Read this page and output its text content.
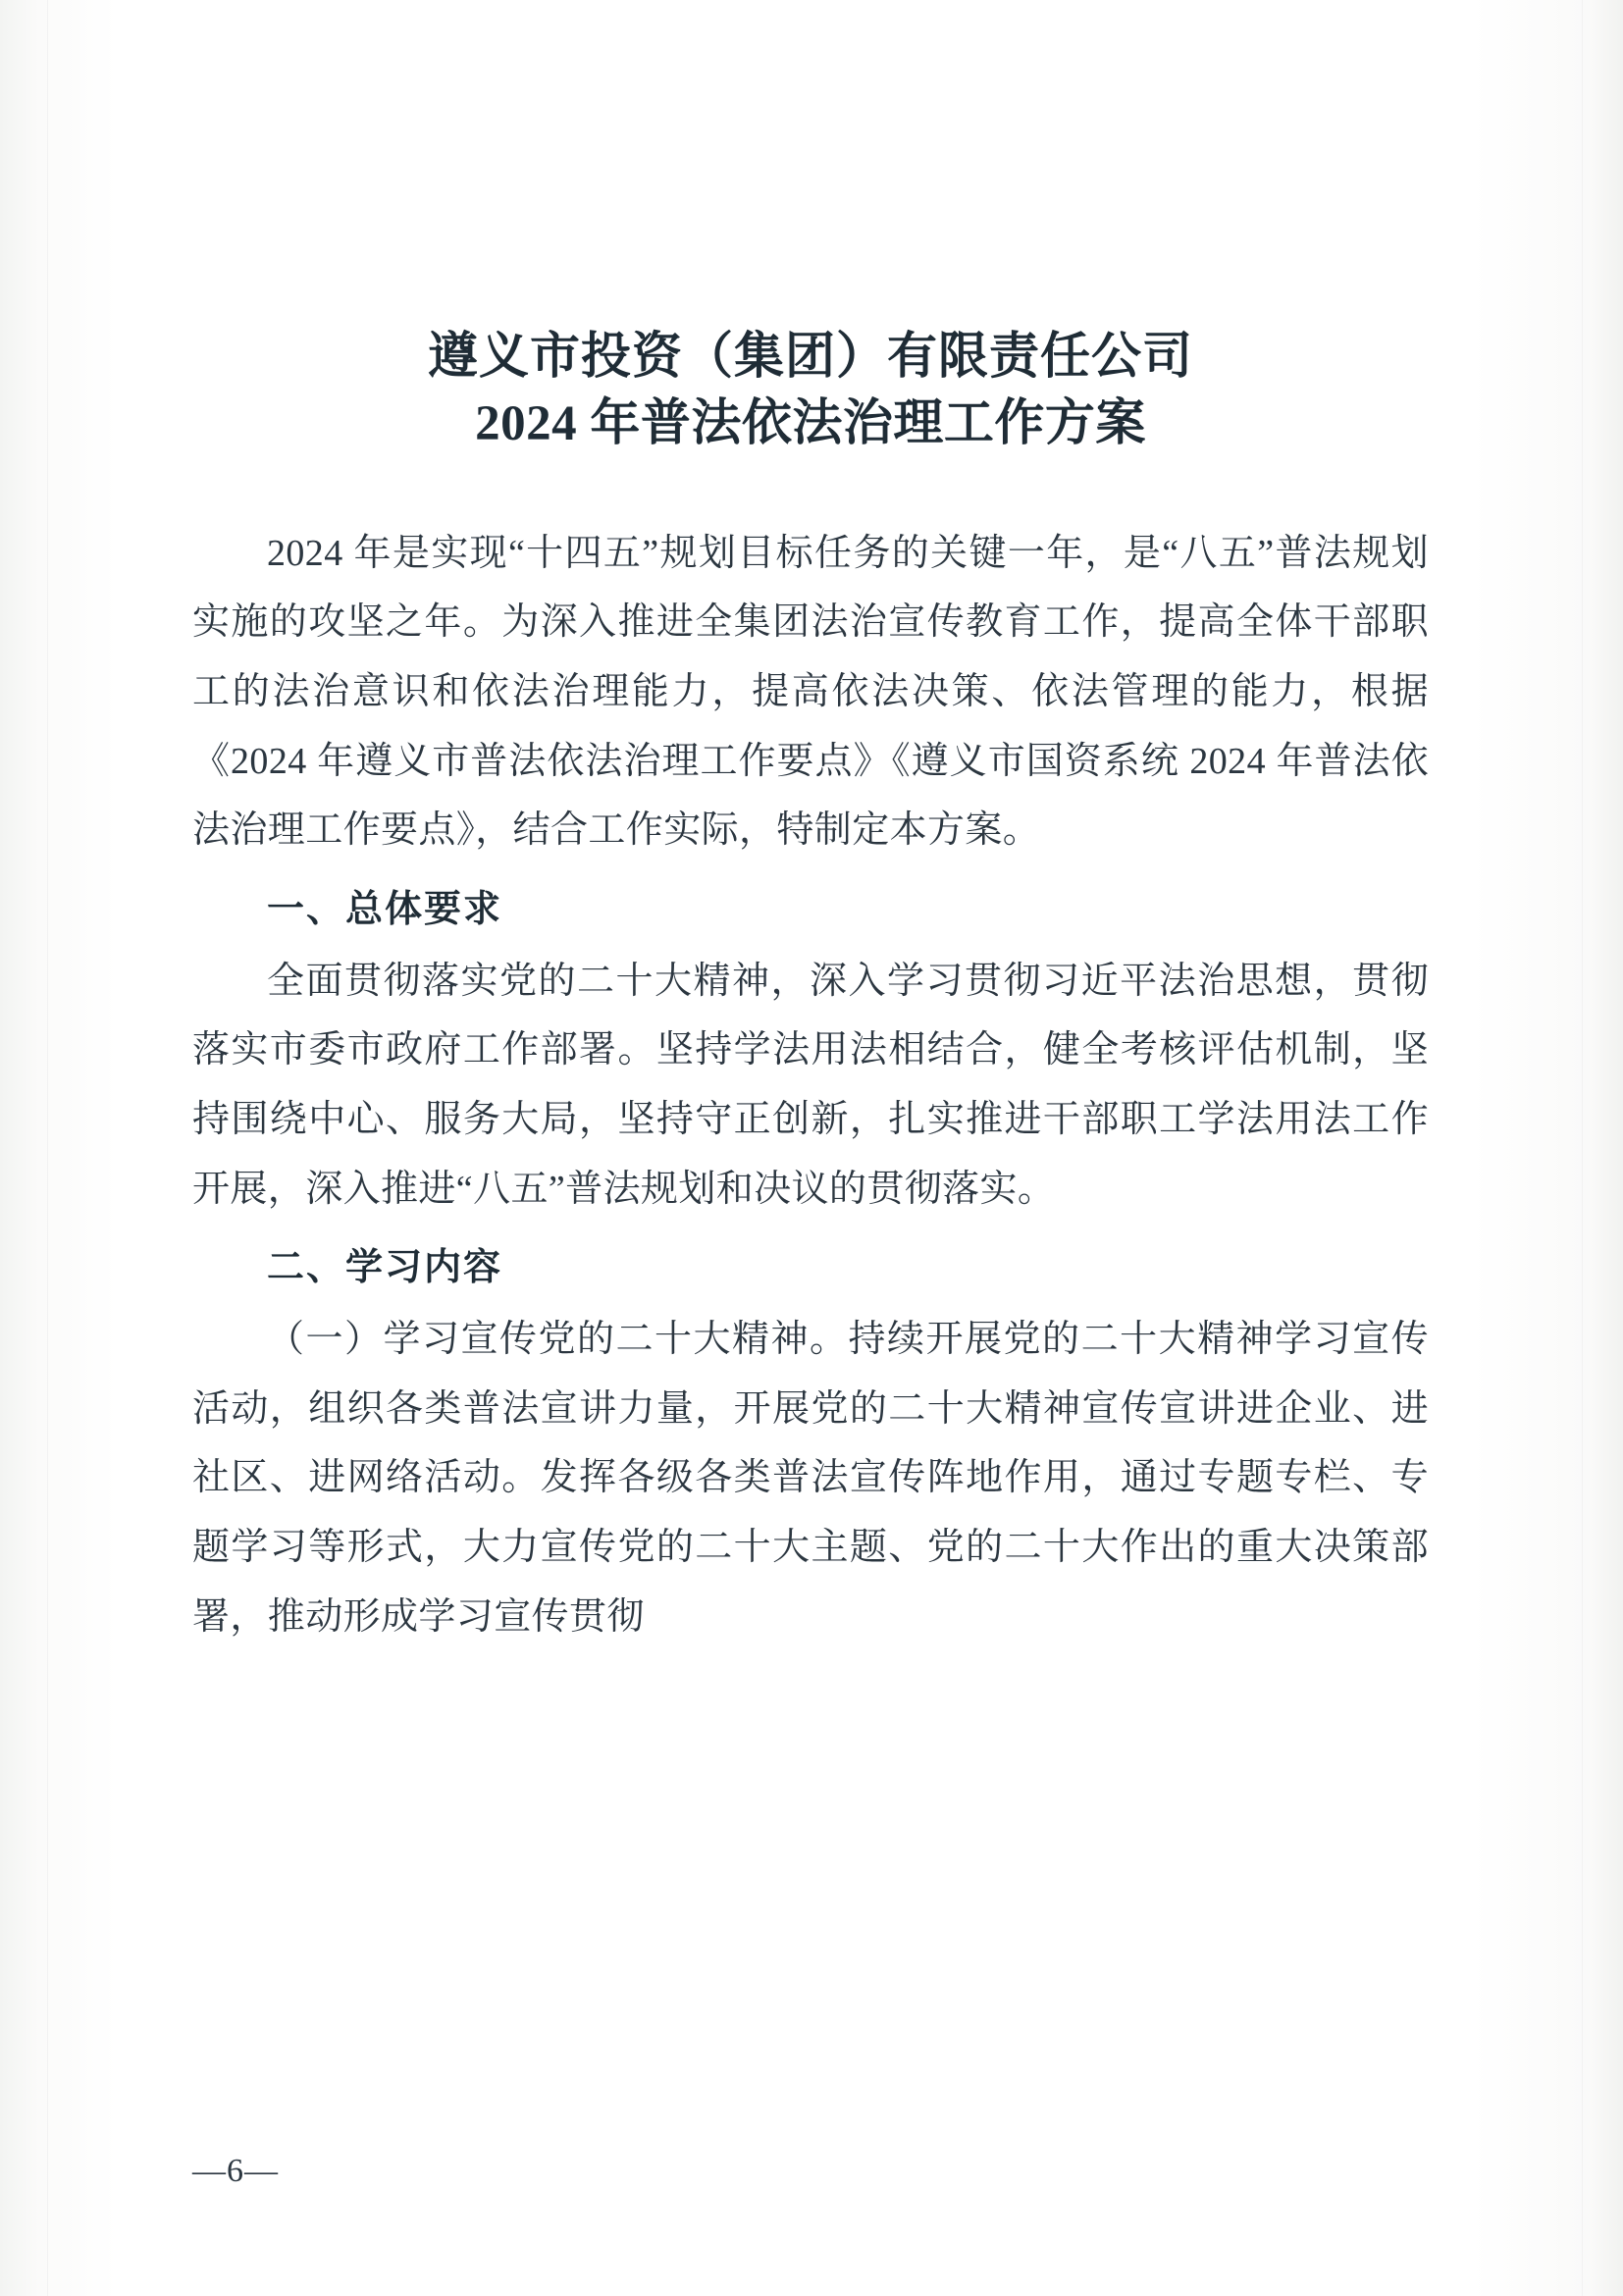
遵义市投资（集团）有限责任公司
2024 年普法依法治理工作方案

2024 年是实现“十四五”规划目标任务的关键一年，是“八五”普法规划实施的攻坚之年。为深入推进全集团法治宣传教育工作，提高全体干部职工的法治意识和依法治理能力，提高依法决策、依法管理的能力，根据《2024 年遵义市普法依法治理工作要点》《遵义市国资系统 2024 年普法依法治理工作要点》，结合工作实际，特制定本方案。

一、总体要求

全面贯彻落实党的二十大精神，深入学习贯彻习近平法治思想，贯彻落实市委市政府工作部署。坚持学法用法相结合，健全考核评估机制，坚持围绕中心、服务大局，坚持守正创新，扎实推进干部职工学法用法工作开展，深入推进“八五”普法规划和决议的贯彻落实。

二、学习内容

（一）学习宣传党的二十大精神。持续开展党的二十大精神学习宣传活动，组织各类普法宣讲力量，开展党的二十大精神宣传宣讲进企业、进社区、进网络活动。发挥各级各类普法宣传阵地作用，通过专题专栏、专题学习等形式，大力宣传党的二十大主题、党的二十大作出的重大决策部署，推动形成学习宣传贯彻

—6—
